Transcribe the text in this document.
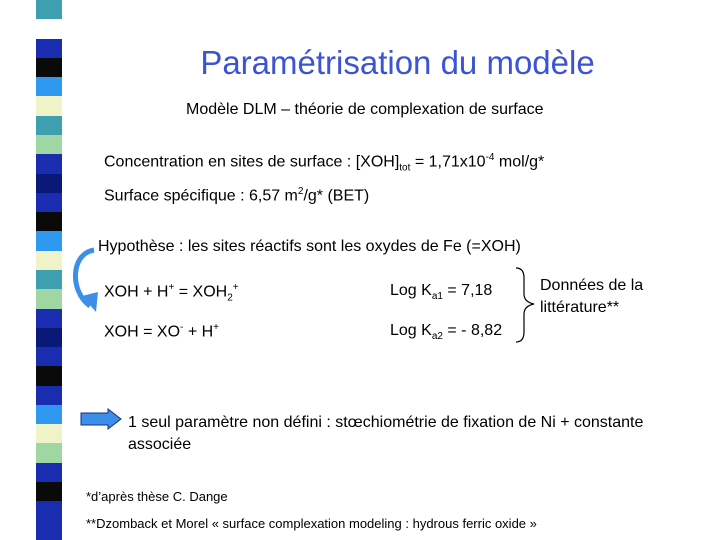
Paramétrisation du modèle
Modèle DLM – théorie de complexation de surface
Concentration en sites de surface : $[XOH]_{tot} = 1,71x10^{-4}$ mol/g*
Surface spécifique : 6,57 $m^2/g*$ (BET)
Hypothèse : les sites réactifs sont les oxydes de Fe (=XOH)
XOH + $H^+ = XOH_2^+$
XOH = XO- + H+
Log $K_{a1} = 7,18$
Log $K_{a2}$ = - 8,82
Données de la littérature**
1 seul paramètre non défini : stœchiométrie de fixation de Ni + constante associée
*d’après thèse C. Dange
**Dzomback et Morel « surface complexation modeling : hydrous ferric oxide »
